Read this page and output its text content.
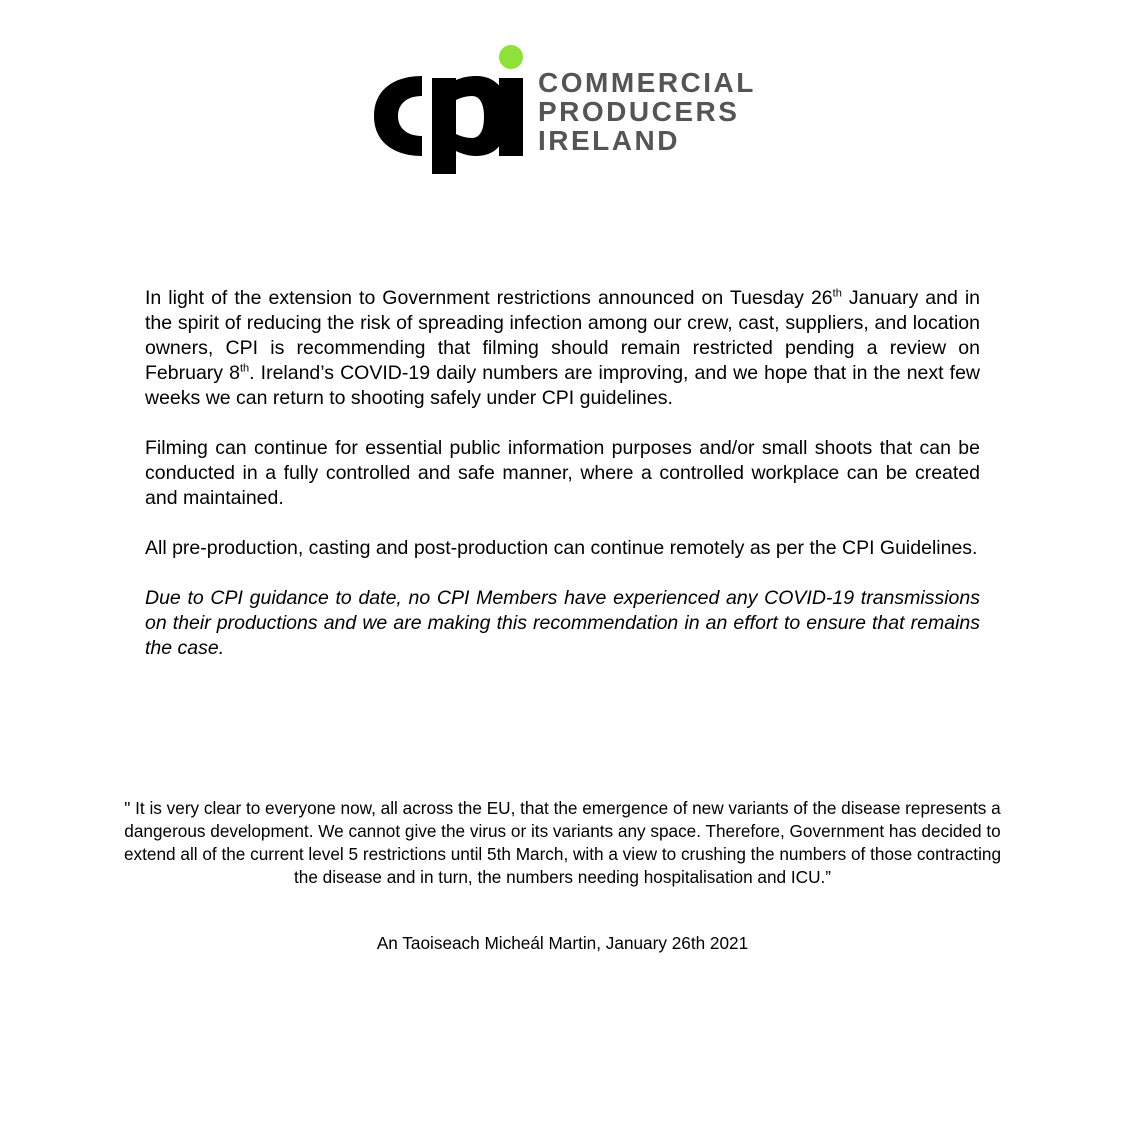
COMMERCIAL
PRODUCERS
IRELAND

In light of the extension to Government restrictions announced on Tuesday 26th January and in the spirit of reducing the risk of spreading infection among our crew, cast, suppliers, and location owners, CPI is recommending that filming should remain restricted pending a review on February 8th. Ireland’s COVID-19 daily numbers are improving, and we hope that in the next few weeks we can return to shooting safely under CPI guidelines.

Filming can continue for essential public information purposes and/or small shoots that can be conducted in a fully controlled and safe manner, where a controlled workplace can be created and maintained.

All pre-production, casting and post-production can continue remotely as per the CPI Guidelines.

Due to CPI guidance to date, no CPI Members have experienced any COVID-19 transmissions on their productions and we are making this recommendation in an effort to ensure that remains the case.

" It is very clear to everyone now, all across the EU, that the emergence of new variants of the disease represents a dangerous development. We cannot give the virus or its variants any space. Therefore, Government has decided to extend all of the current level 5 restrictions until 5th March, with a view to crushing the numbers of those contracting the disease and in turn, the numbers needing hospitalisation and ICU.”
An Taoiseach Micheál Martin, January 26th 2021
